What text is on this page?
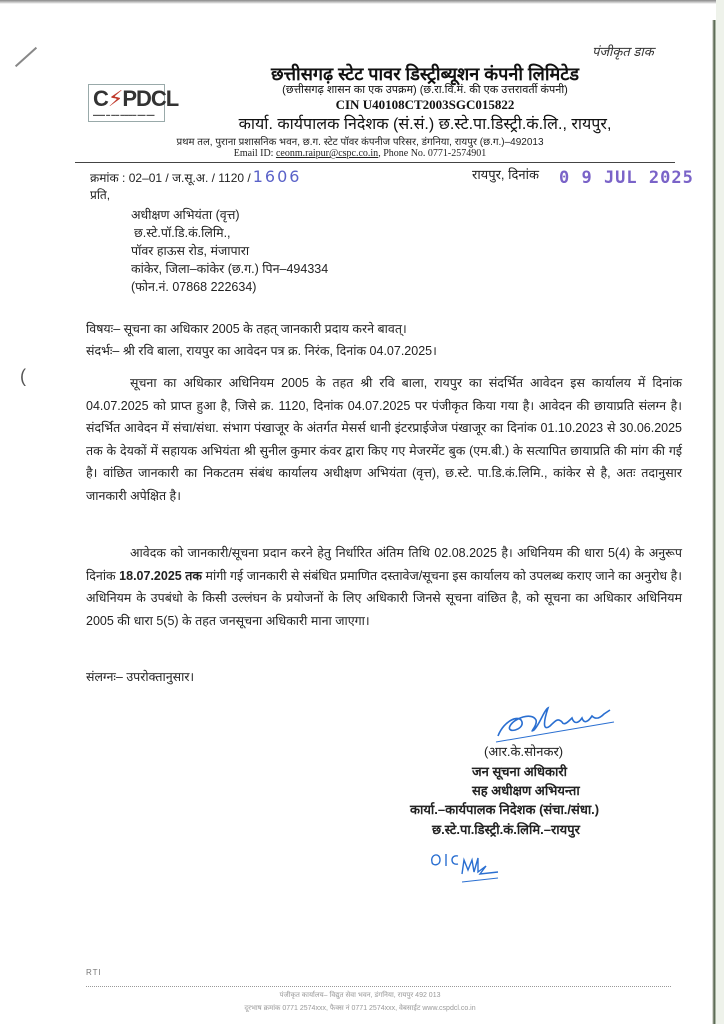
(
पंजीकृत डाक
C⚡PDCL
▬▬▬ ▬ ▬▬ ▬▬▬▬ ▬▬ ▬▬
छत्तीसगढ़ स्टेट पावर डिस्ट्रीब्यूशन कंपनी लिमिटेड
(छत्तीसगढ़ शासन का एक उपक्रम) (छ.रा.वि.मं. की एक उत्तरावर्ती कंपनी)
CIN U40108CT2003SGC015822
कार्या. कार्यपालक निदेशक (सं.सं.) छ.स्टे.पा.डिस्ट्री.कं.लि., रायपुर,
प्रथम तल, पुराना प्रशासनिक भवन, छ.ग. स्टेट पॉवर कंपनीज परिसर, डंगनिया, रायपुर (छ.ग.)–492013
Email ID: ceonm.raipur@cspc.co.in, Phone No. 0771-2574901
क्रमांक : 02–01 / ज.सू.अ. / 1120 / 1606	रायपुर, दिनांक 0 9 JUL 2025
प्रति,
अधीक्षण अभियंता (वृत्त)
छ.स्टे.पॉ.डि.कं.लिमि.,
पॉवर हाऊस रोड, मंजापारा
कांकेर, जिला–कांकेर (छ.ग.) पिन–494334
(फोन.नं. 07868 222634)
विषयः– सूचना का अधिकार 2005 के तहत् जानकारी प्रदाय करने बावत्।
संदर्भः– श्री रवि बाला, रायपुर का आवेदन पत्र क्र. निरंक, दिनांक 04.07.2025।

सूचना का अधिकार अधिनियम 2005 के तहत श्री रवि बाला, रायपुर का संदर्भित आवेदन इस कार्यालय में दिनांक 04.07.2025 को प्राप्त हुआ है, जिसे क्र. 1120, दिनांक 04.07.2025 पर पंजीकृत किया गया है। आवेदन की छायाप्रति संलग्न है। संदर्भित आवेदन में संचा/संधा. संभाग पंखाजूर के अंतर्गत मेसर्स धानी इंटरप्राईजेज पंखाजूर का दिनांक 01.10.2023 से 30.06.2025 तक के देयकों में सहायक अभियंता श्री सुनील कुमार कंवर द्वारा किए गए मेजरमेंट बुक (एम.बी.) के सत्यापित छायाप्रति की मांग की गई है। वांछित जानकारी का निकटतम संबंध कार्यालय अधीक्षण अभियंता (वृत्त), छ.स्टे. पा.डि.कं.लिमि., कांकेर से है, अतः तदानुसार जानकारी अपेक्षित है।

आवेदक को जानकारी/सूचना प्रदान करने हेतु निर्धारित अंतिम तिथि 02.08.2025 है। अधिनियम की धारा 5(4) के अनुरूप दिनांक 18.07.2025 तक मांगी गई जानकारी से संबंधित प्रमाणित दस्तावेज/सूचना इस कार्यालय को उपलब्ध कराए जाने का अनुरोध है। अधिनियम के उपबंधो के किसी उल्लंघन के प्रयोजनों के लिए अधिकारी जिनसे सूचना वांछित है, को सूचना का अधिकार अधिनियम 2005 की धारा 5(5) के तहत जनसूचना अधिकारी माना जाएगा।

संलग्नः– उपरोक्तानुसार।
(आर.के.सोनकर)
जन सूचना अधिकारी
सह अधीक्षण अभियन्ता
कार्या.–कार्यपालक निदेशक (संचा./संधा.)
छ.स्टे.पा.डिस्ट्री.कं.लिमि.–रायपुर
RTI
पंजीकृत कार्यालय– विद्युत सेवा भवन, डंगनिया, रायपुर 492 013
दूरभाष क्रमांक 0771 2574xxx, फैक्स नं 0771 2574xxx, वेबसाईट www.cspdcl.co.in
